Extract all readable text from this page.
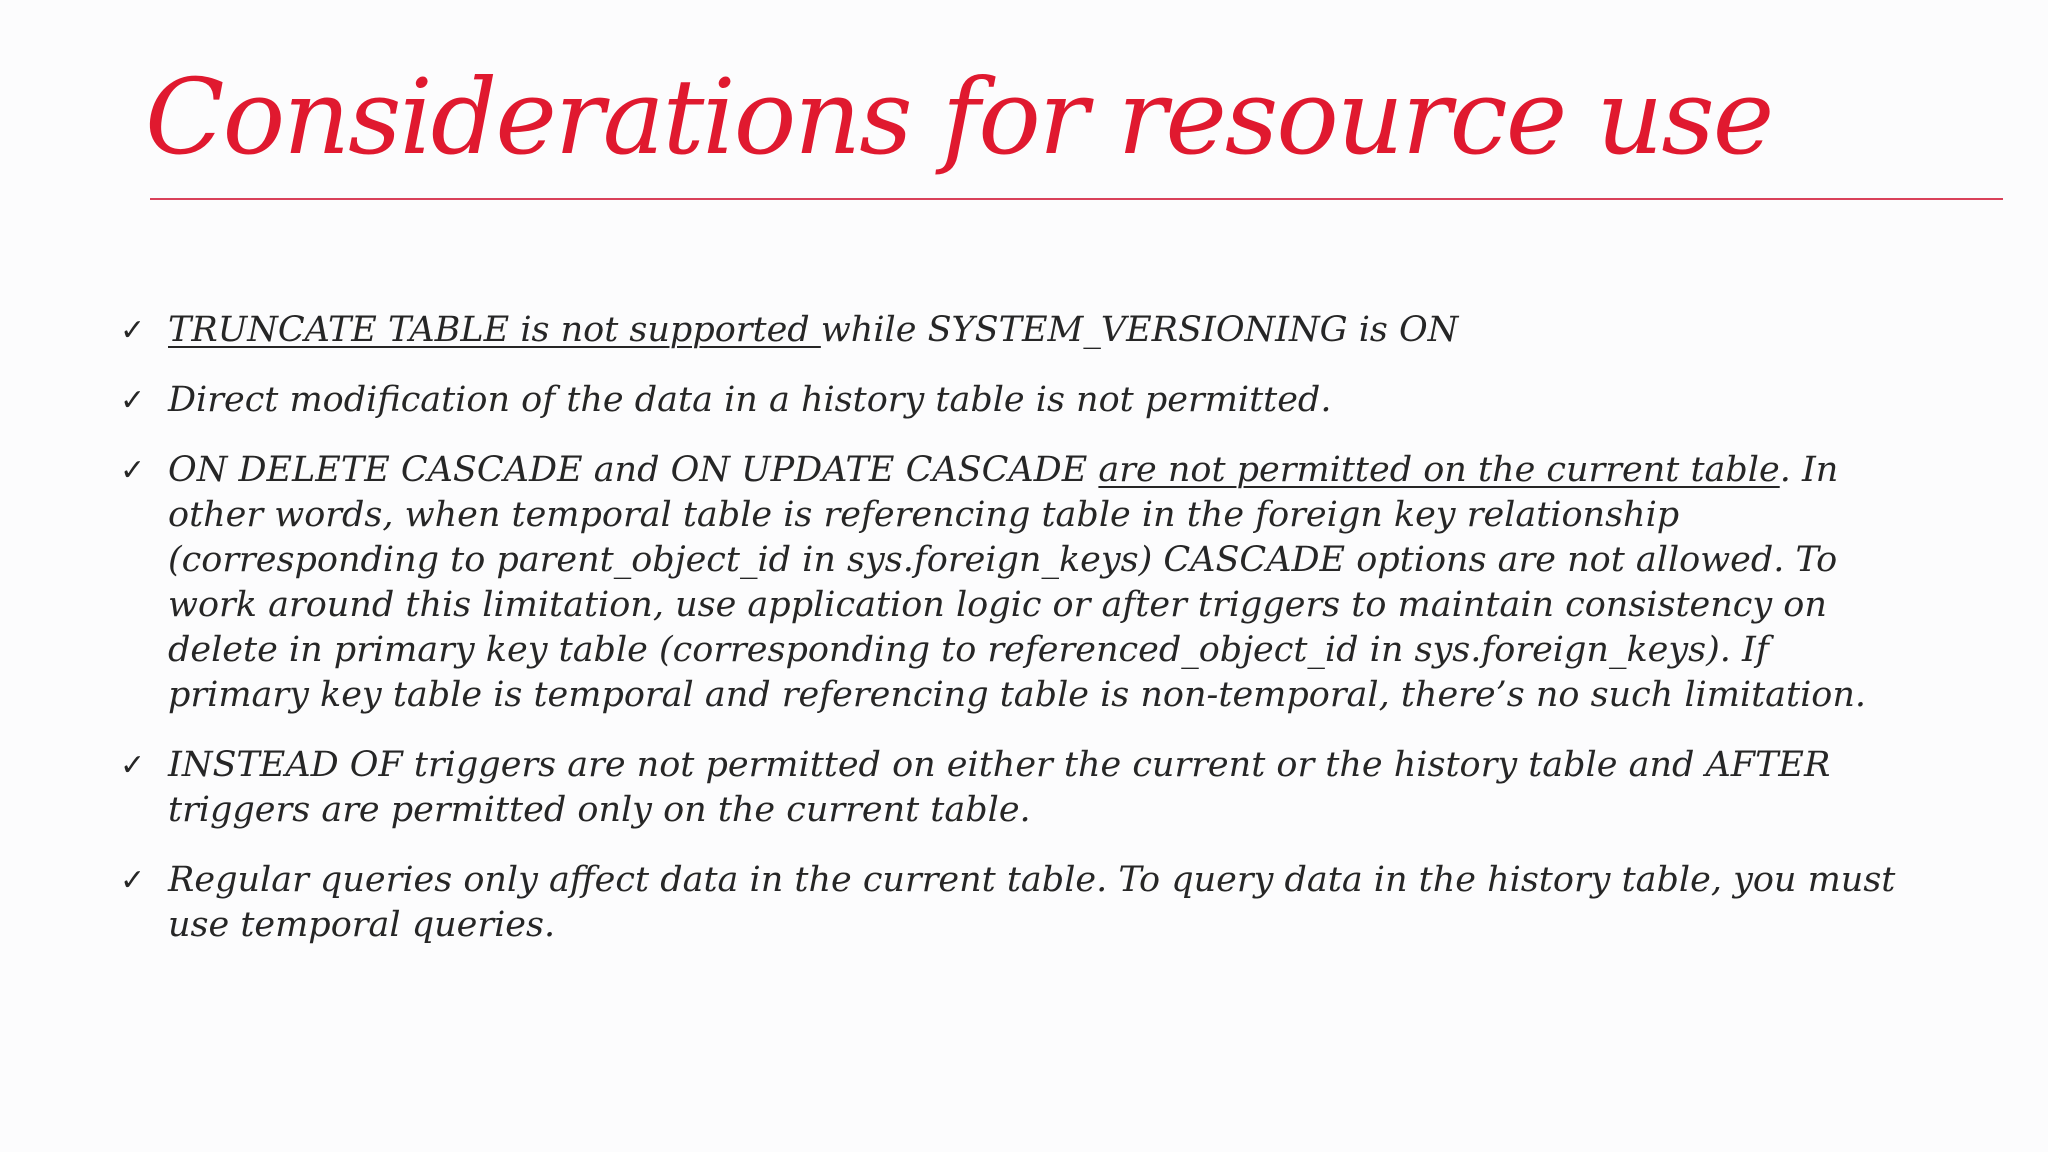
Considerations for resource use
✓ TRUNCATE TABLE is not supported while SYSTEM_VERSIONING is ON
✓ Direct modification of the data in a history table is not permitted.
✓ ON DELETE CASCADE and ON UPDATE CASCADE are not permitted on the current table. In other words, when temporal table is referencing table in the foreign key relationship (corresponding to parent_object_id in sys.foreign_keys) CASCADE options are not allowed. To work around this limitation, use application logic or after triggers to maintain consistency on delete in primary key table (corresponding to referenced_object_id in sys.foreign_keys). If primary key table is temporal and referencing table is non-temporal, there’s no such limitation.
✓ INSTEAD OF triggers are not permitted on either the current or the history table and AFTER triggers are permitted only on the current table.
✓ Regular queries only affect data in the current table. To query data in the history table, you must use temporal queries.
